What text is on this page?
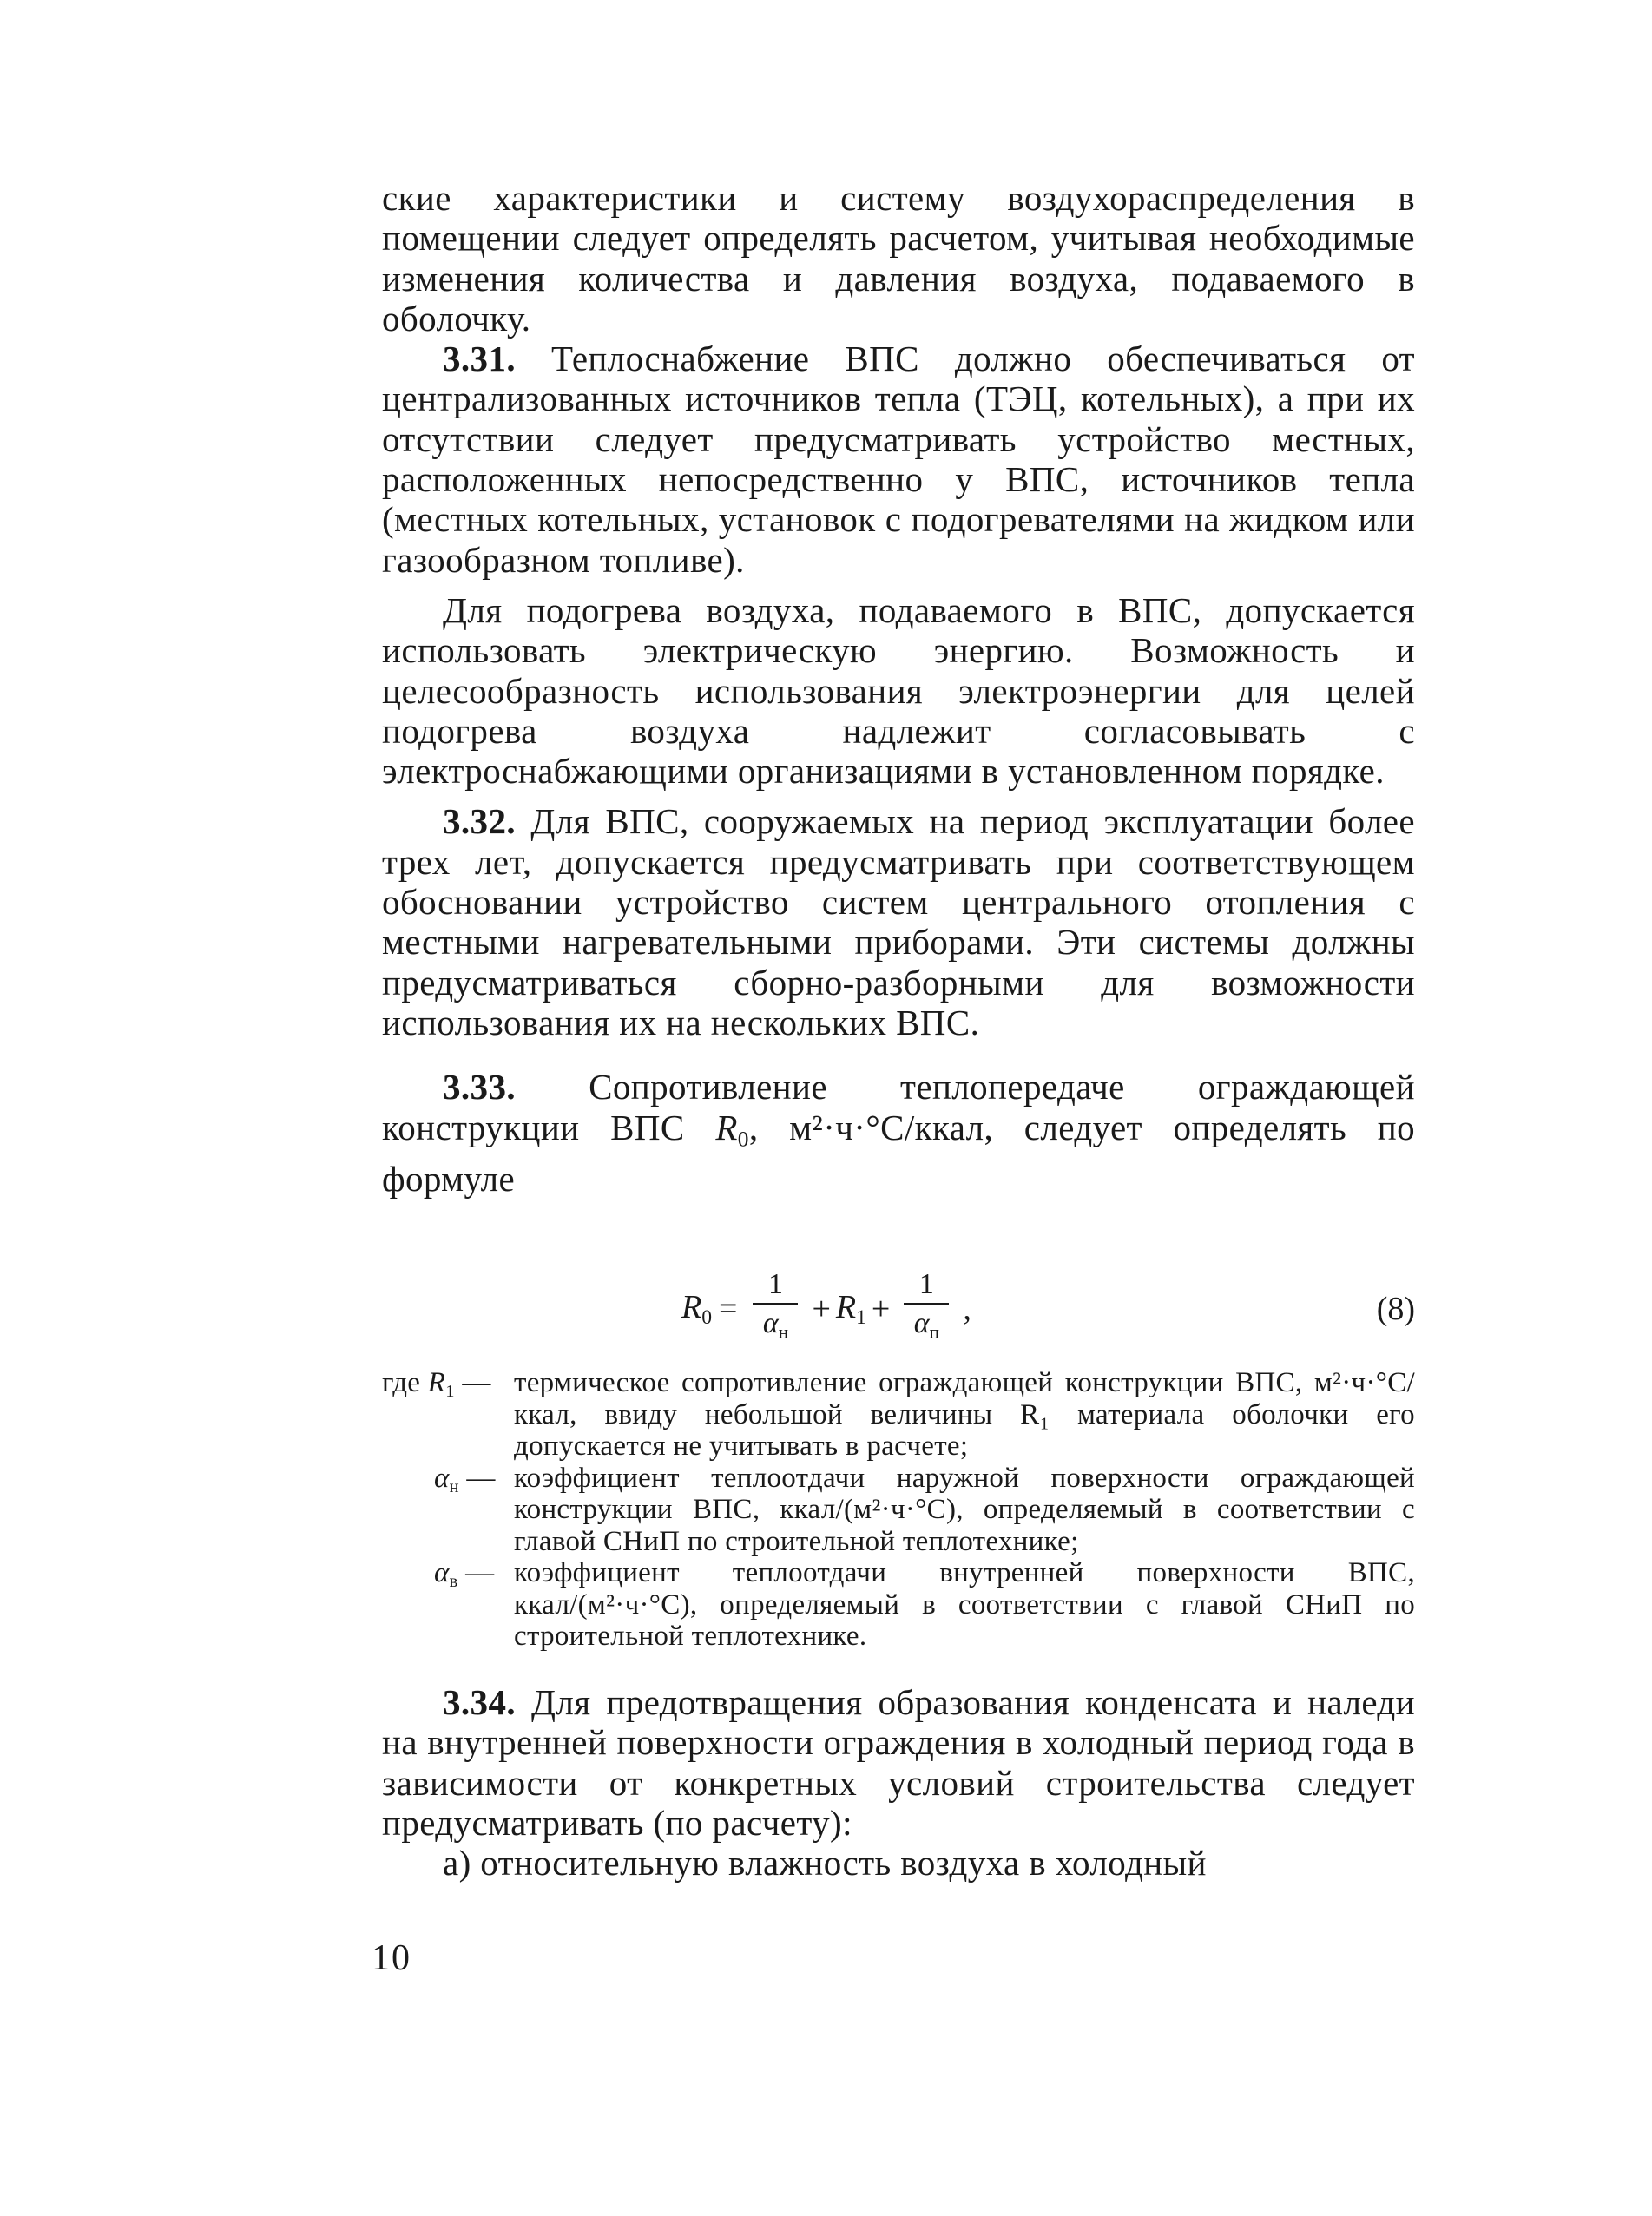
ские характеристики и систему воздухораспределения в помещении следует определять расчетом, учитывая необходимые изменения количества и давления воздуха, подаваемого в оболочку.

3.31. Теплоснабжение ВПС должно обеспечиваться от централизованных источников тепла (ТЭЦ, котельных), а при их отсутствии следует предусматривать устройство местных, расположенных непосредственно у ВПС, источников тепла (местных котельных, установок с подогревателями на жидком или газообразном топливе).

Для подогрева воздуха, подаваемого в ВПС, допускается использовать электрическую энергию. Возможность и целесообразность использования электроэнергии для целей подогрева воздуха надлежит согласовывать с электроснабжающими организациями в установленном порядке.

3.32. Для ВПС, сооружаемых на период эксплуатации более трех лет, допускается предусматривать при соответствующем обосновании устройство систем центрального отопления с местными нагревательными приборами. Эти системы должны предусматриваться сборно-разборными для возможности использования их на нескольких ВПС.

3.33. Сопротивление теплопередаче ограждающей конструкции ВПС $R_0$, м²·ч·°С/ккал, следует определять по формуле

$R_0 = \frac{1}{\alpha_н} + R_1 + \frac{1}{\alpha_п}$ ,	(8)
где $R_1$ — термическое сопротивление ограждающей конструкции ВПС, м²·ч·°С/ккал, ввиду небольшой величины R₁ материала оболочки его допускается не учитывать в расчете;
$\alpha_н$ — коэффициент теплоотдачи наружной поверхности ограждающей конструкции ВПС, ккал/(м²·ч·°С), определяемый в соответствии с главой СНиП по строительной теплотехнике;
$\alpha_в$ — коэффициент теплоотдачи внутренней поверхности ВПС, ккал/(м²·ч·°С), определяемый в соответствии с главой СНиП по строительной теплотехнике.

3.34. Для предотвращения образования конденсата и наледи на внутренней поверхности ограждения в холодный период года в зависимости от конкретных условий строительства следует предусматривать (по расчету):

а) относительную влажность воздуха в холодный

10
